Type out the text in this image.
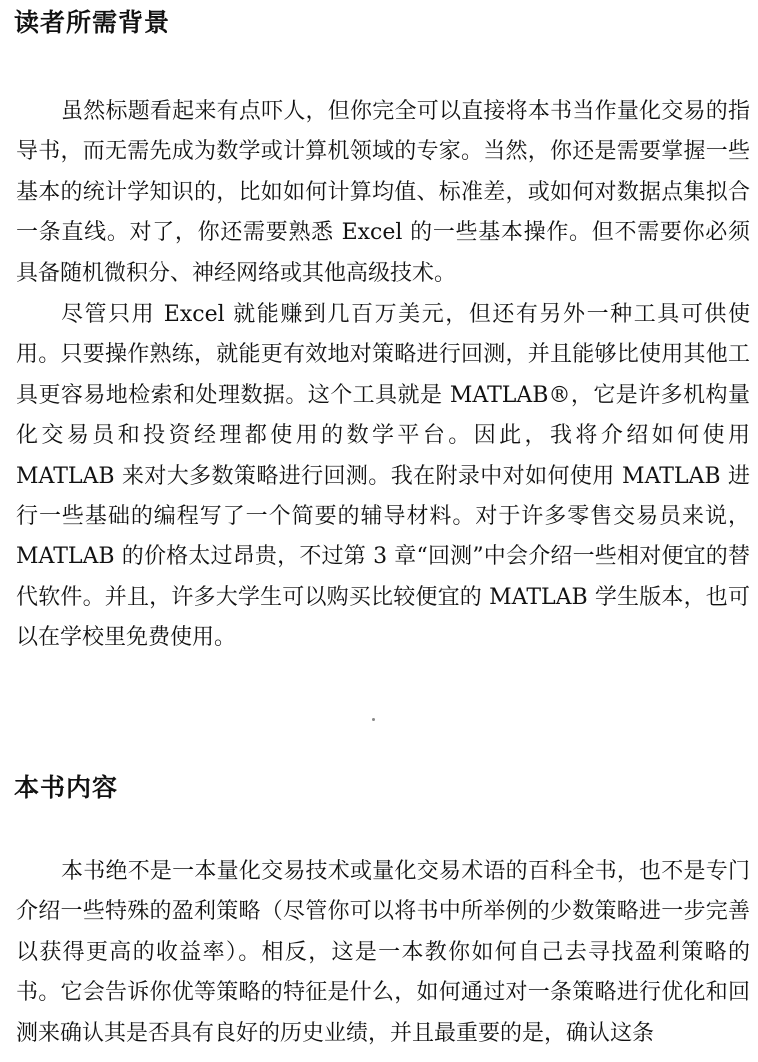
读者所需背景

虽然标题看起来有点吓人，但你完全可以直接将本书当作量化交易的指导书，而无需先成为数学或计算机领域的专家。当然，你还是需要掌握一些基本的统计学知识的，比如如何计算均值、标准差，或如何对数据点集拟合一条直线。对了，你还需要熟悉 Excel 的一些基本操作。但不需要你必须具备随机微积分、神经网络或其他高级技术。

尽管只用 Excel 就能赚到几百万美元，但还有另外一种工具可供使用。只要操作熟练，就能更有效地对策略进行回测，并且能够比使用其他工具更容易地检索和处理数据。这个工具就是 MATLAB®，它是许多机构量化交易员和投资经理都使用的数学平台。因此，我将介绍如何使用 MATLAB 来对大多数策略进行回测。我在附录中对如何使用 MATLAB 进行一些基础的编程写了一个简要的辅导材料。对于许多零售交易员来说，MATLAB 的价格太过昂贵，不过第 3 章“回测”中会介绍一些相对便宜的替代软件。并且，许多大学生可以购买比较便宜的 MATLAB 学生版本，也可以在学校里免费使用。

本书内容

本书绝不是一本量化交易技术或量化交易术语的百科全书，也不是专门介绍一些特殊的盈利策略（尽管你可以将书中所举例的少数策略进一步完善以获得更高的收益率）。相反，这是一本教你如何自己去寻找盈利策略的书。它会告诉你优等策略的特征是什么，如何通过对一条策略进行优化和回测来确认其是否具有良好的历史业绩，并且最重要的是，确认这条
